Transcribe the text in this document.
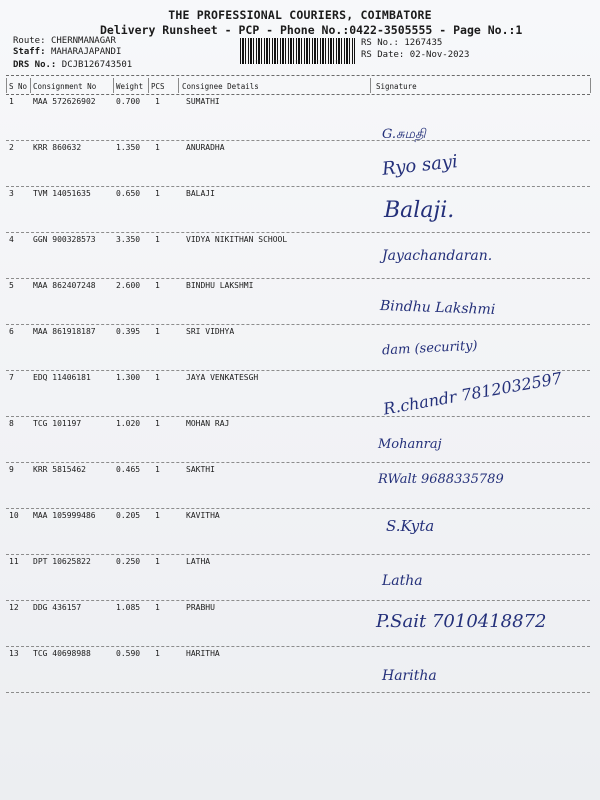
THE PROFESSIONAL COURIERS, COIMBATORE
Delivery Runsheet - PCP - Phone No.:0422-3505555 - Page No.:1
Route: CHERNMANAGAR
Staff: MAHARAJAPANDI
DRS No.: DCJB126743501
RS No.: 1267435
RS Date: 02-Nov-2023
S No Consignment No	Weight PCS Consignee Details	Signature
1 MAA 572626902	0.700 1	SUMATHI
G.சுமதி
2 KRR 860632	1.350 1	ANURADHA
Ryo sayi
3 TVM 14051635	0.650 1	BALAJI
Balaji.
4 GGN 900328573	3.350 1	VIDYA NIKITHAN SCHOOL
Jayachandaran.
5 MAA 862407248	2.600 1	BINDHU LAKSHMI
Bindhu Lakshmi
6 MAA 861918187	0.395 1	SRI VIDHYA
dam (security)
7 EDQ 11406181	1.300 1	JAYA VENKATESGH	R.chandr 7812032597
8 TCG 101197	1.020 1	MOHAN RAJ
Mohanraj
9 KRR 5815462	0.465 1	SAKTHI
RWalt 9688335789
10 MAA 105999486	0.205 1	KAVITHA
S.Kyta
11 DPT 10625822	0.250 1	LATHA
Latha
12 DDG 436157	1.085 1	PRABHU
P.Sait 7010418872
13 TCG 40698988	0.590 1	HARITHA
Haritha
